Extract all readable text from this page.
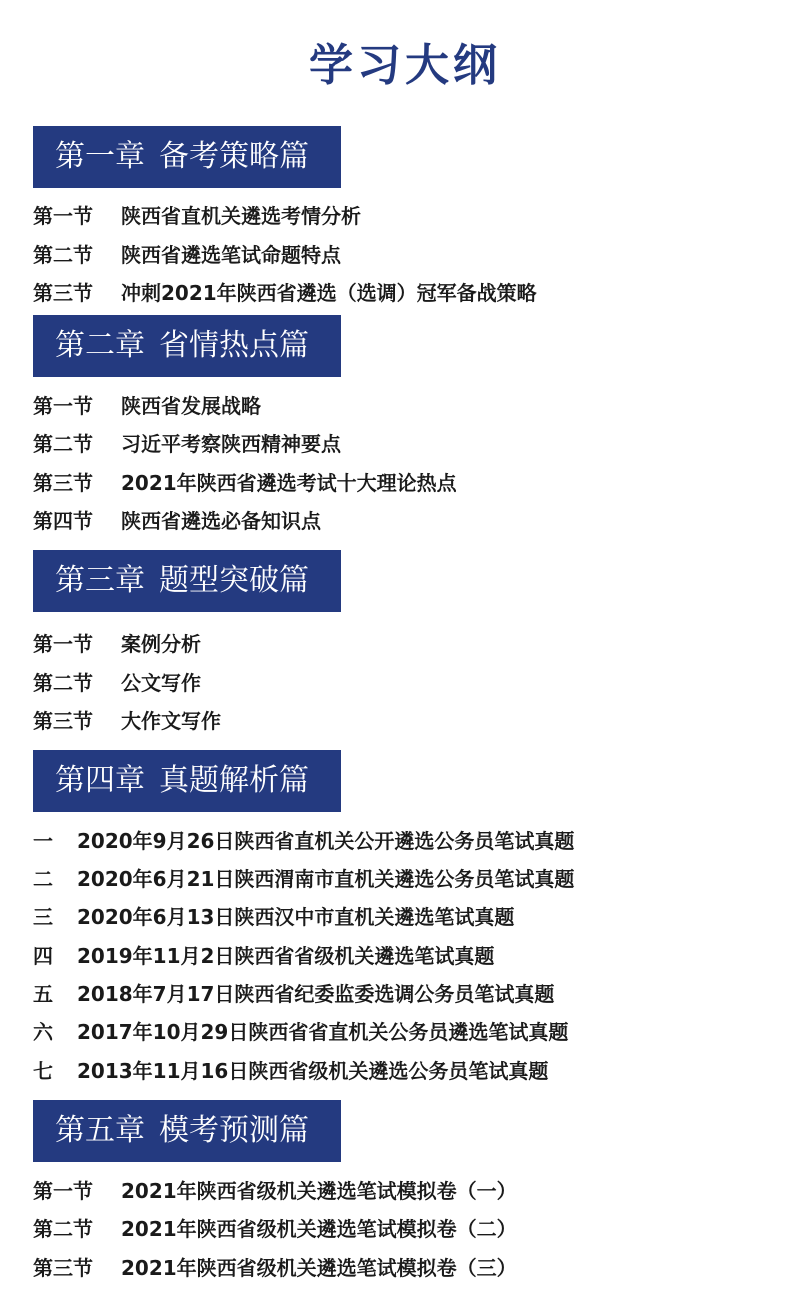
学习大纲
第一章 备考策略篇
第一节 陕西省直机关遴选考情分析
第二节 陕西省遴选笔试命题特点
第三节 冲刺2021年陕西省遴选（选调）冠军备战策略
第二章 省情热点篇
第一节 陕西省发展战略
第二节 习近平考察陕西精神要点
第三节 2021年陕西省遴选考试十大理论热点
第四节 陕西省遴选必备知识点
第三章 题型突破篇
第一节 案例分析
第二节 公文写作
第三节 大作文写作
第四章 真题解析篇
一 2020年9月26日陕西省直机关公开遴选公务员笔试真题
二 2020年6月21日陕西渭南市直机关遴选公务员笔试真题
三 2020年6月13日陕西汉中市直机关遴选笔试真题
四 2019年11月2日陕西省省级机关遴选笔试真题
五 2018年7月17日陕西省纪委监委选调公务员笔试真题
六 2017年10月29日陕西省省直机关公务员遴选笔试真题
七 2013年11月16日陕西省级机关遴选公务员笔试真题
第五章 模考预测篇
第一节 2021年陕西省级机关遴选笔试模拟卷（一）
第二节 2021年陕西省级机关遴选笔试模拟卷（二）
第三节 2021年陕西省级机关遴选笔试模拟卷（三）
